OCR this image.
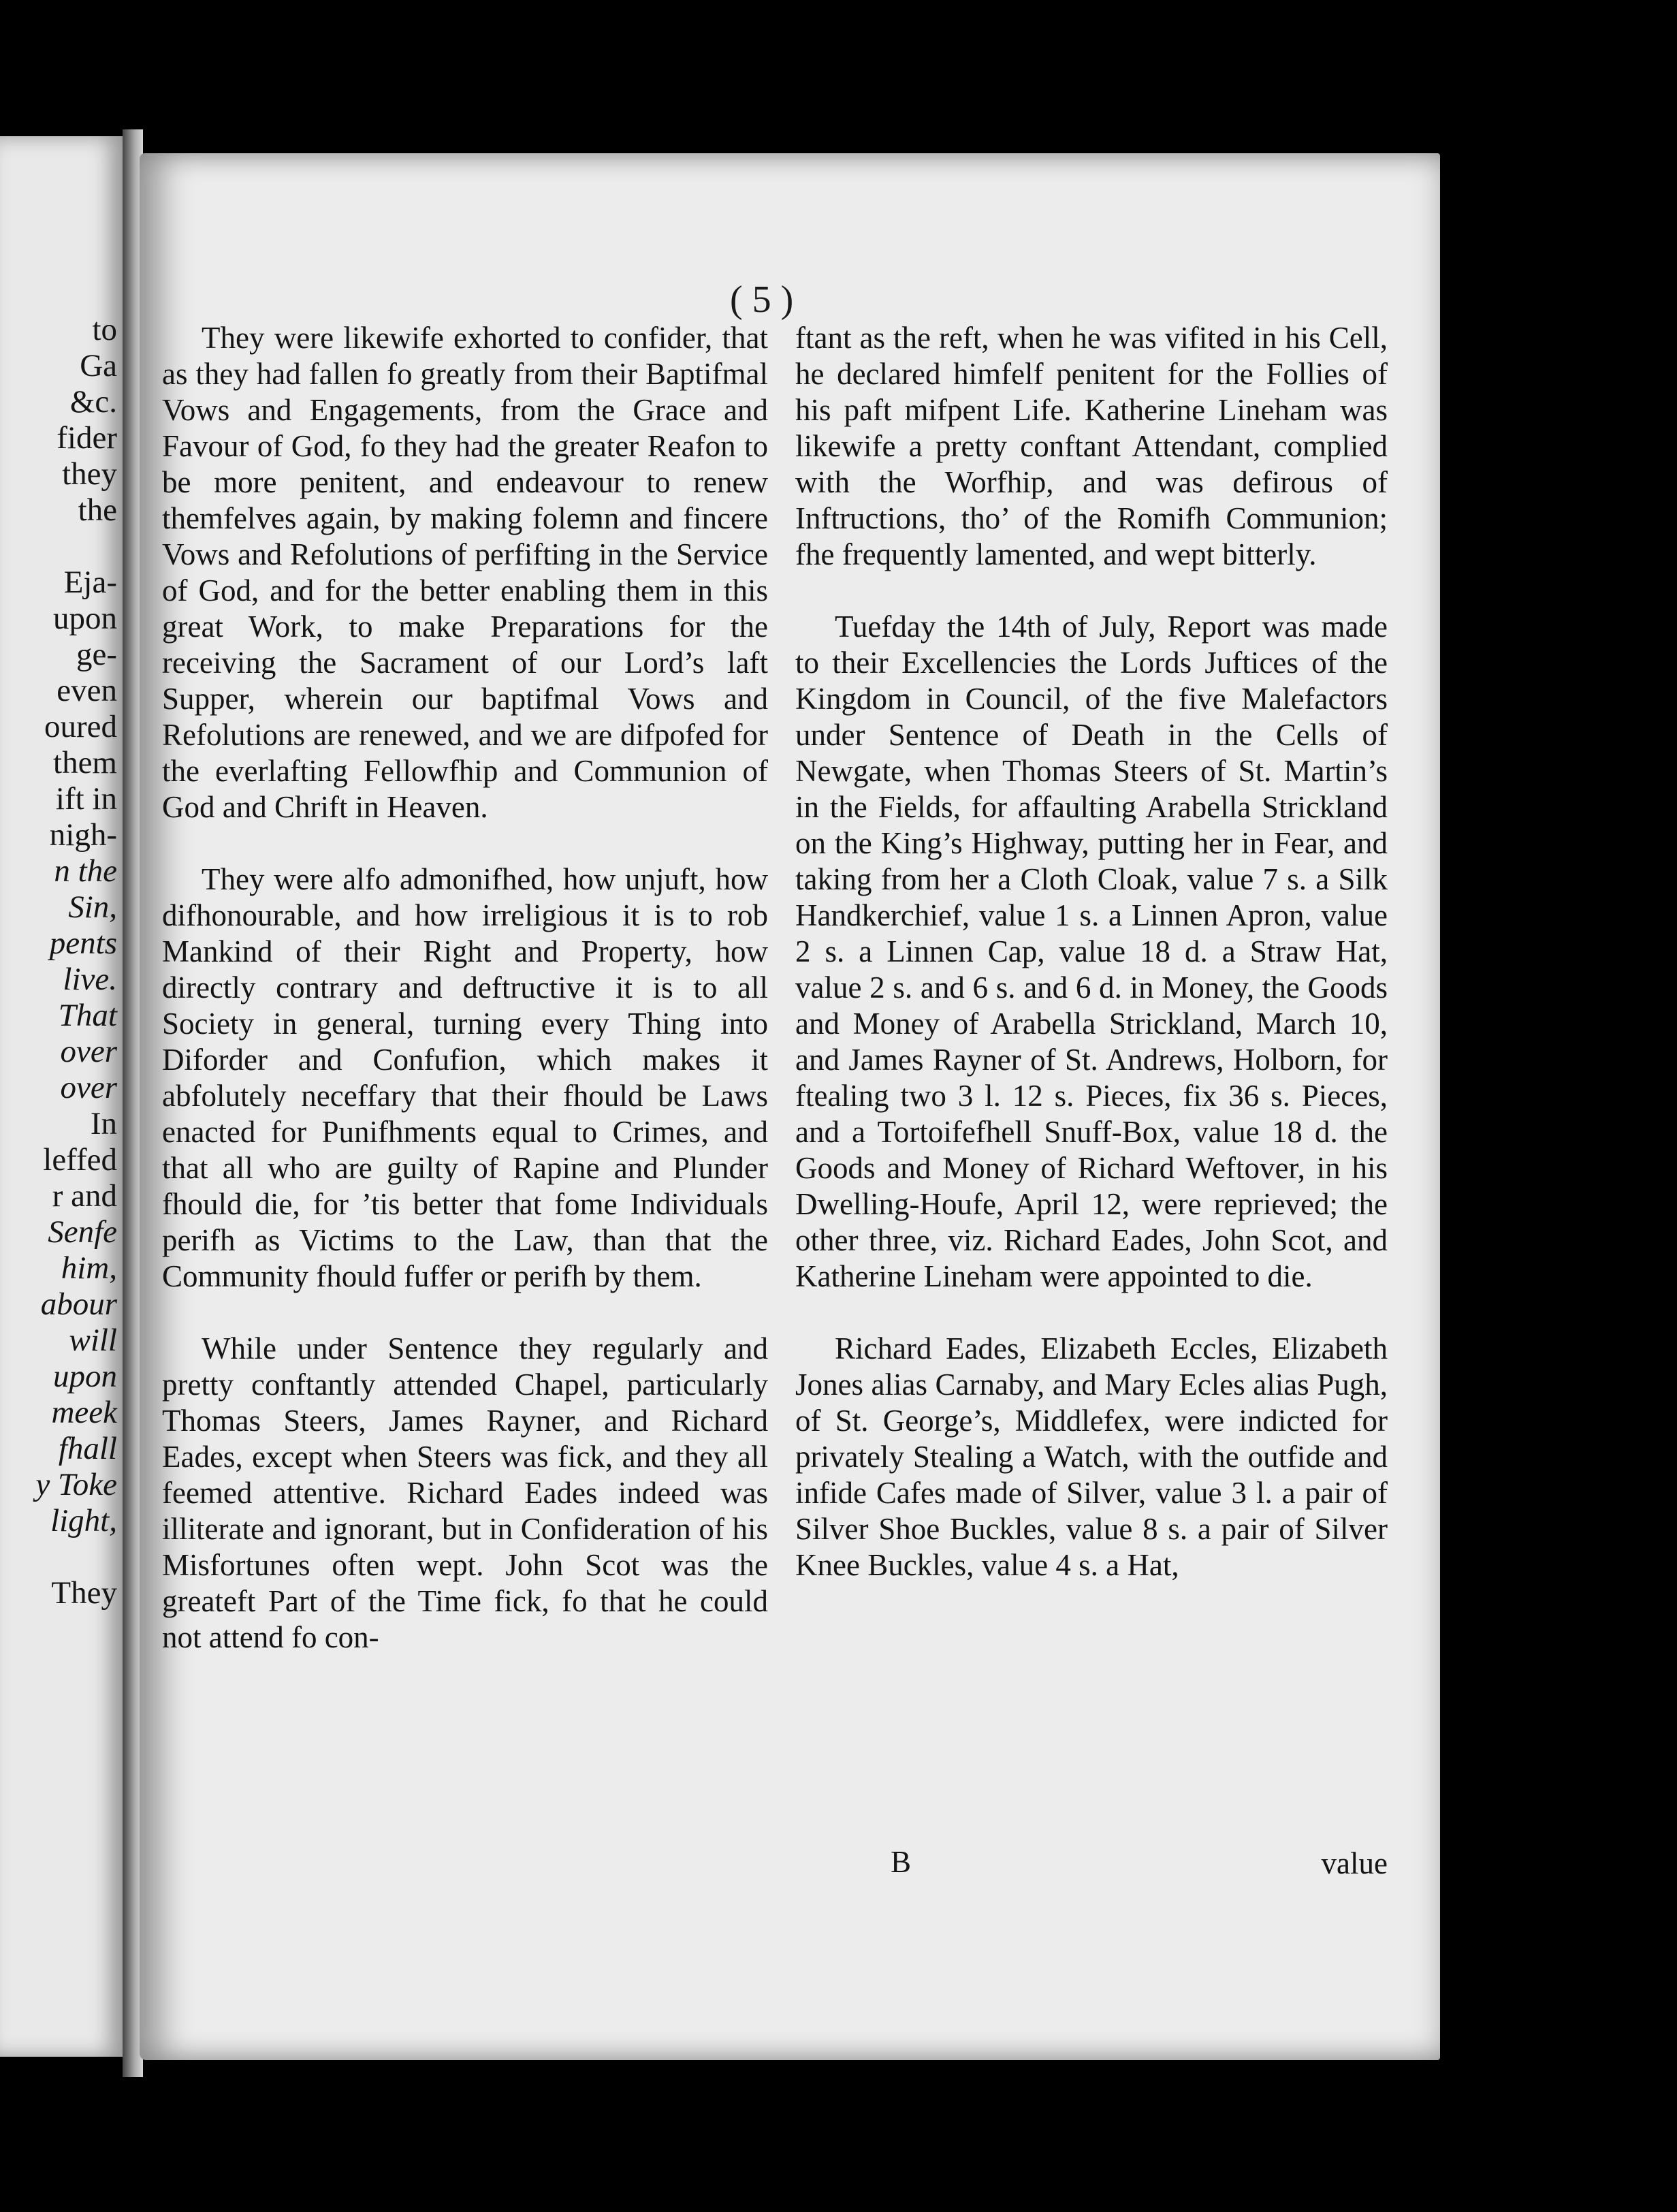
to
Ga
&c.
fider
they
the

Eja-
upon
ge-
even
oured
them
ift in
nigh-
n the
Sin,
pents
live.
That
over
over
In
leffed
r and
Senfe
him,
abour
will
upon
meek
fhall
y Toke
light,

They
( 5 )

They were likewife exhorted to confider, that as they had fallen fo greatly from their Baptifmal Vows and Engagements, from the Grace and Favour of God, fo they had the greater Reafon to be more penitent, and endeavour to renew themfelves again, by making folemn and fincere Vows and Refolutions of perfifting in the Service of God, and for the better enabling them in this great Work, to make Preparations for the receiving the Sacrament of our Lord’s laft Supper, wherein our baptifmal Vows and Refolutions are renewed, and we are difpofed for the everlafting Fellowfhip and Communion of God and Chrift in Heaven.

They were alfo admonifhed, how unjuft, how difhonourable, and how irreligious it is to rob Mankind of their Right and Property, how directly contrary and deftructive it is to all Society in general, turning every Thing into Diforder and Confufion, which makes it abfolutely neceffary that their fhould be Laws enacted for Punifhments equal to Crimes, and that all who are guilty of Rapine and Plunder fhould die, for ’tis better that fome Individuals perifh as Victims to the Law, than that the Community fhould fuffer or perifh by them.

While under Sentence they regularly and pretty conftantly attended Chapel, particularly Thomas Steers, James Rayner, and Richard Eades, except when Steers was fick, and they all feemed attentive. Richard Eades indeed was illiterate and ignorant, but in Confideration of his Misfortunes often wept. John Scot was the greateft Part of the Time fick, fo that he could not attend fo con-

ftant as the reft, when he was vifited in his Cell, he declared himfelf penitent for the Follies of his paft mifpent Life. Katherine Lineham was likewife a pretty conftant Attendant, complied with the Worfhip, and was defirous of Inftructions, tho’ of the Romifh Communion; fhe frequently lamented, and wept bitterly.

Tuefday the 14th of July, Report was made to their Excellencies the Lords Juftices of the Kingdom in Council, of the five Malefactors under Sentence of Death in the Cells of Newgate, when Thomas Steers of St. Martin’s in the Fields, for affaulting Arabella Strickland on the King’s Highway, putting her in Fear, and taking from her a Cloth Cloak, value 7 s. a Silk Handkerchief, value 1 s. a Linnen Apron, value 2 s. a Linnen Cap, value 18 d. a Straw Hat, value 2 s. and 6 s. and 6 d. in Money, the Goods and Money of Arabella Strickland, March 10, and James Rayner of St. Andrews, Holborn, for ftealing two 3 l. 12 s. Pieces, fix 36 s. Pieces, and a Tortoifefhell Snuff-Box, value 18 d. the Goods and Money of Richard Weftover, in his Dwelling-Houfe, April 12, were reprieved; the other three, viz. Richard Eades, John Scot, and Katherine Lineham were appointed to die.

Richard Eades, Elizabeth Eccles, Elizabeth Jones alias Carnaby, and Mary Ecles alias Pugh, of St. George’s, Middlefex, were indicted for privately Stealing a Watch, with the outfide and infide Cafes made of Silver, value 3 l. a pair of Silver Shoe Buckles, value 8 s. a pair of Silver Knee Buckles, value 4 s. a Hat,

B	value
